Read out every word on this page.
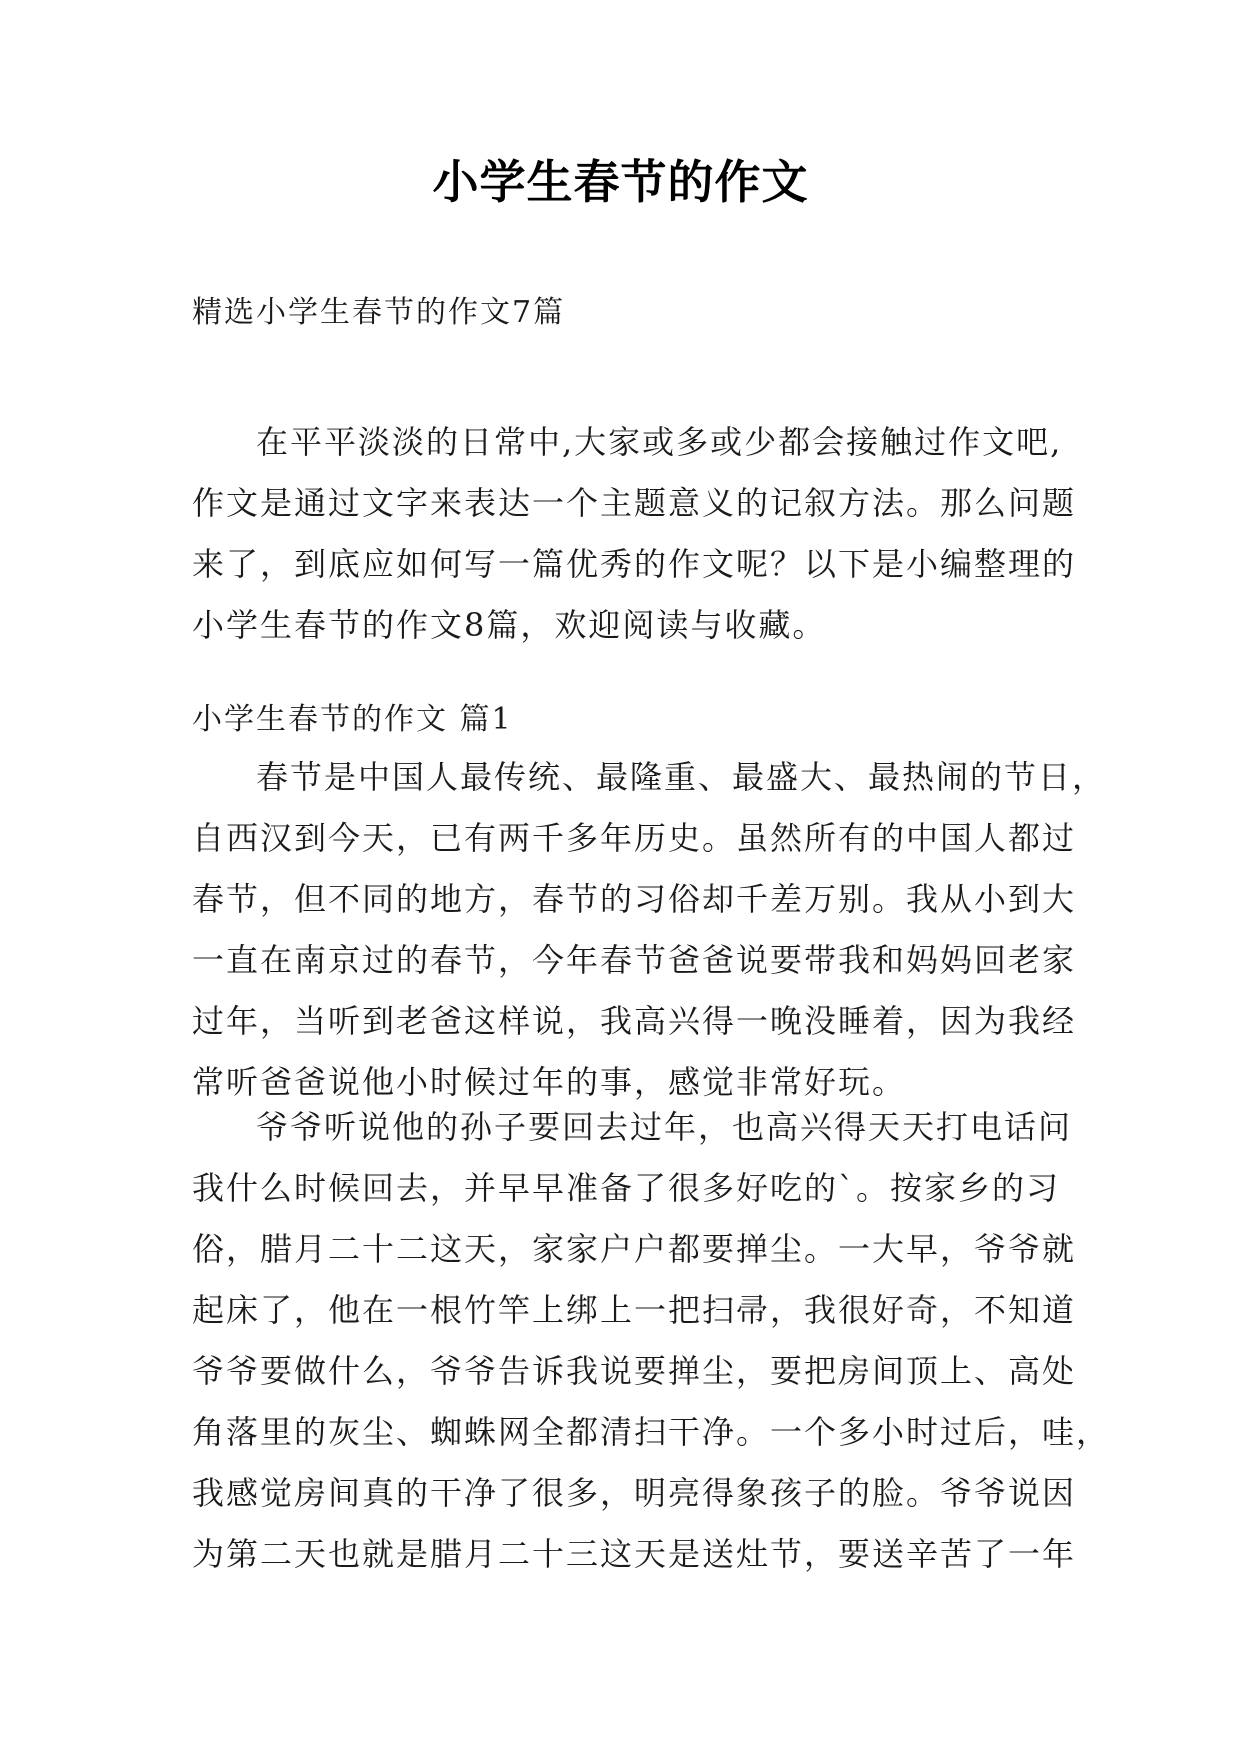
小学生春节的作文

精选小学生春节的作文7篇

在平平淡淡的日常中,大家或多或少都会接触过作文吧,
作文是通过文字来表达一个主题意义的记叙方法。那么问题
来了，到底应如何写一篇优秀的作文呢？以下是小编整理的
小学生春节的作文8篇，欢迎阅读与收藏。

小学生春节的作文 篇1

春节是中国人最传统、最隆重、最盛大、最热闹的节日，
自西汉到今天，已有两千多年历史。虽然所有的中国人都过
春节，但不同的地方，春节的习俗却千差万别。我从小到大
一直在南京过的春节，今年春节爸爸说要带我和妈妈回老家
过年，当听到老爸这样说，我高兴得一晚没睡着，因为我经
常听爸爸说他小时候过年的事，感觉非常好玩。
爷爷听说他的孙子要回去过年，也高兴得天天打电话问
我什么时候回去，并早早准备了很多好吃的`。按家乡的习
俗，腊月二十二这天，家家户户都要掸尘。一大早，爷爷就
起床了，他在一根竹竿上绑上一把扫帚，我很好奇，不知道
爷爷要做什么，爷爷告诉我说要掸尘，要把房间顶上、高处
角落里的灰尘、蜘蛛网全都清扫干净。一个多小时过后，哇，
我感觉房间真的干净了很多，明亮得象孩子的脸。爷爷说因
为第二天也就是腊月二十三这天是送灶节，要送辛苦了一年
